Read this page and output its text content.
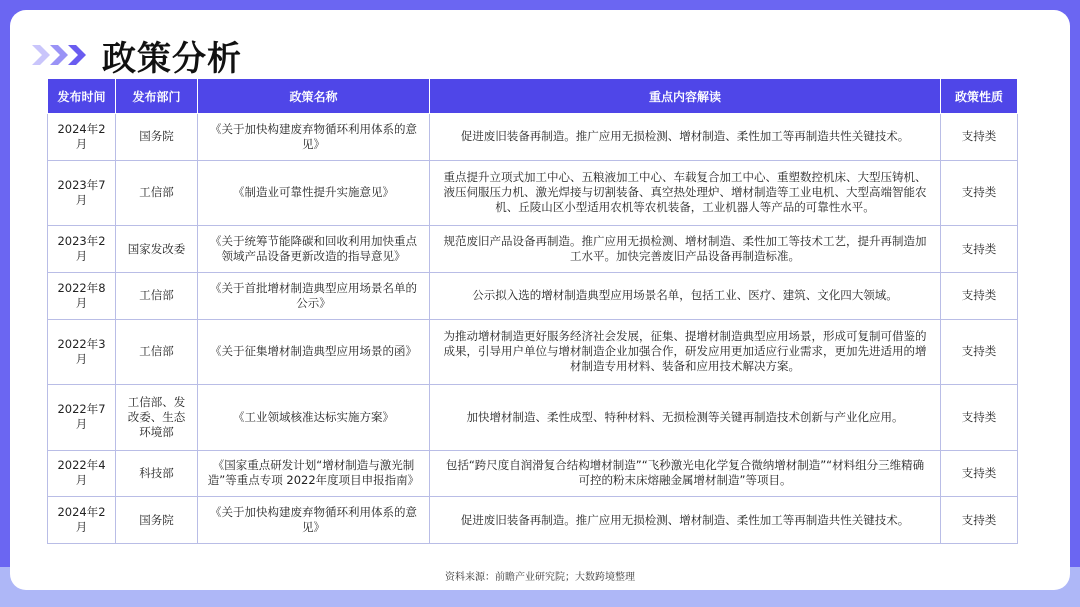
政策分析
发布时间	发布部门	政策名称	重点内容解读	政策性质
2024年2月	国务院	《关于加快构建废弃物循环利用体系的意见》	促进废旧装备再制造。推广应用无损检测、增材制造、柔性加工等再制造共性关键技术。	支持类
2023年7月	工信部	《制造业可靠性提升实施意见》	重点提升立项式加工中心、五粮液加工中心、车载复合加工中心、重塑数控机床、大型压铸机、液压伺服压力机、激光焊接与切割装备、真空热处理炉、增材制造等工业电机、大型高端智能农机、丘陵山区小型适用农机等农机装备，工业机器人等产品的可靠性水平。	支持类
2023年2月	国家发改委	《关于统筹节能降碳和回收利用加快重点领域产品设备更新改造的指导意见》	规范废旧产品设备再制造。推广应用无损检测、增材制造、柔性加工等技术工艺，提升再制造加工水平。加快完善废旧产品设备再制造标准。	支持类
2022年8月	工信部	《关于首批增材制造典型应用场景名单的公示》	公示拟入选的增材制造典型应用场景名单，包括工业、医疗、建筑、文化四大领域。	支持类
2022年3月	工信部	《关于征集增材制造典型应用场景的函》	为推动增材制造更好服务经济社会发展，征集、提增材制造典型应用场景，形成可复制可借鉴的成果，引导用户单位与增材制造企业加强合作，研发应用更加适应行业需求，更加先进适用的增材制造专用材料、装备和应用技术解决方案。	支持类
2022年7月	工信部、发改委、生态环境部	《工业领域核准达标实施方案》	加快增材制造、柔性成型、特种材料、无损检测等关键再制造技术创新与产业化应用。	支持类
2022年4月	科技部	《国家重点研发计划“增材制造与激光制造”等重点专项 2022年度项目申报指南》	包括“跨尺度自润滑复合结构增材制造”“飞秒激光电化学复合微纳增材制造”“材料组分三维精确可控的粉末床熔融金属增材制造”等项目。	支持类
2024年2月	国务院	《关于加快构建废弃物循环利用体系的意见》	促进废旧装备再制造。推广应用无损检测、增材制造、柔性加工等再制造共性关键技术。	支持类
资料来源：前瞻产业研究院；大数跨境整理
